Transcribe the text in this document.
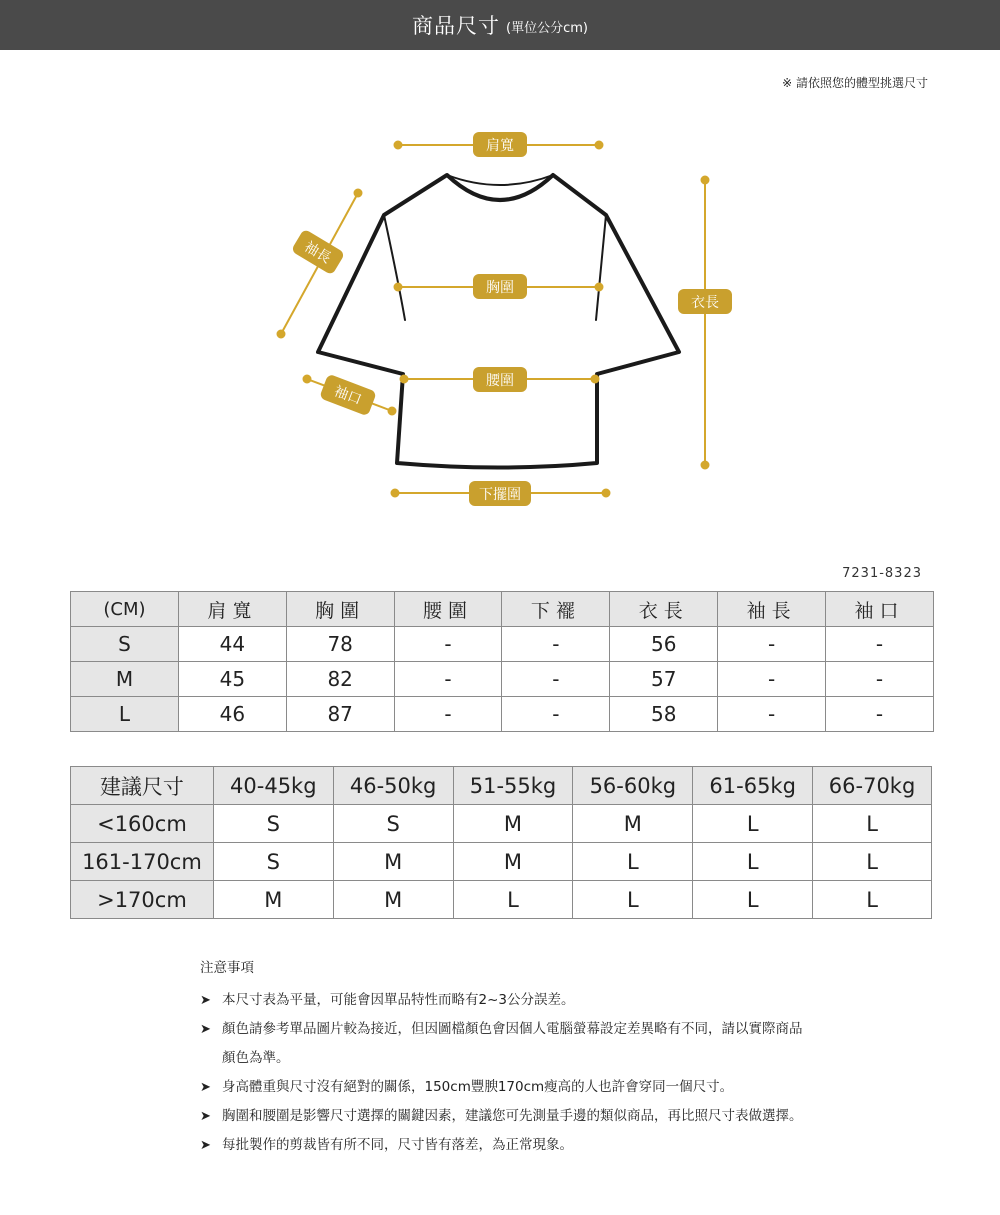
商品尺寸 (單位公分cm)
※ 請依照您的體型挑選尺寸
肩寬
袖長
胸圍
衣長
腰圍
袖口
下擺圍
7231-8323
(CM)	肩寬	胸圍	腰圍	下襬	衣長	袖長	袖口
S	44	78	-	-	56	-	-
M	45	82	-	-	57	-	-
L	46	87	-	-	58	-	-
建議尺寸	40-45kg	46-50kg	51-55kg	56-60kg	61-65kg	66-70kg
<160cm	S	S	M	M	L	L
161-170cm	S	M	M	L	L	L
>170cm	M	M	L	L	L	L
注意事項
➤ 本尺寸表為平量，可能會因單品特性而略有2~3公分誤差。
➤ 顏色請參考單品圖片較為接近，但因圖檔顏色會因個人電腦螢幕設定差異略有不同，請以實際商品顏色為準。
➤ 身高體重與尺寸沒有絕對的關係，150cm豐腴170cm瘦高的人也許會穿同一個尺寸。
➤ 胸圍和腰圍是影響尺寸選擇的關鍵因素，建議您可先測量手邊的類似商品，再比照尺寸表做選擇。
➤ 每批製作的剪裁皆有所不同，尺寸皆有落差，為正常現象。
